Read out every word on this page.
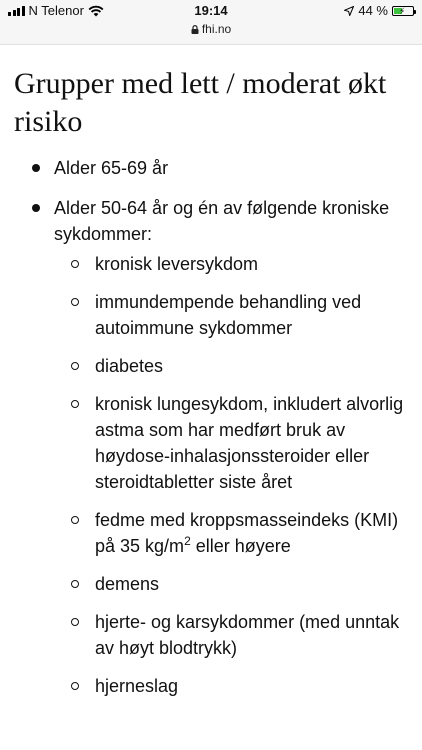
N Telenor	19:14
fhi.no
44 % ⚡
Grupper med lett / moderat økt risiko
Alder 65-69 år
Alder 50-64 år og én av følgende kroniske sykdommer:
kronisk leversykdom
immundempende behandling ved autoimmune sykdommer
diabetes
kronisk lungesykdom, inkludert alvorlig astma som har medført bruk av høydose-inhalasjonssteroider eller steroidtabletter siste året
fedme med kroppsmasseindeks (KMI) på 35 $kg/m^2$ eller høyere
demens
hjerte- og karsykdommer (med unntak av høyt blodtrykk)
hjerneslag
